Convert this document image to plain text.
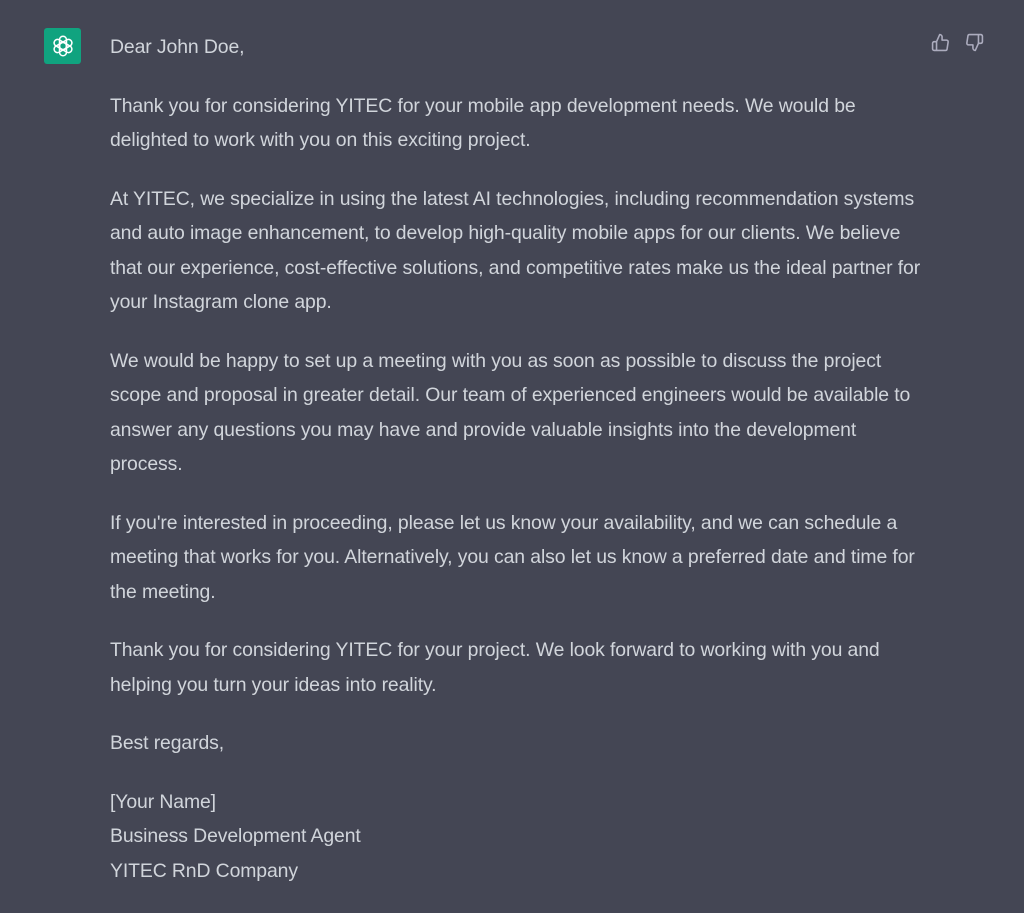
Dear John Doe,

Thank you for considering YITEC for your mobile app development needs. We would be delighted to work with you on this exciting project.

At YITEC, we specialize in using the latest AI technologies, including recommendation systems and auto image enhancement, to develop high-quality mobile apps for our clients. We believe that our experience, cost-effective solutions, and competitive rates make us the ideal partner for your Instagram clone app.

We would be happy to set up a meeting with you as soon as possible to discuss the project scope and proposal in greater detail. Our team of experienced engineers would be available to answer any questions you may have and provide valuable insights into the development process.

If you're interested in proceeding, please let us know your availability, and we can schedule a meeting that works for you. Alternatively, you can also let us know a preferred date and time for the meeting.

Thank you for considering YITEC for your project. We look forward to working with you and helping you turn your ideas into reality.

Best regards,

[Your Name]

Business Development Agent

YITEC RnD Company
